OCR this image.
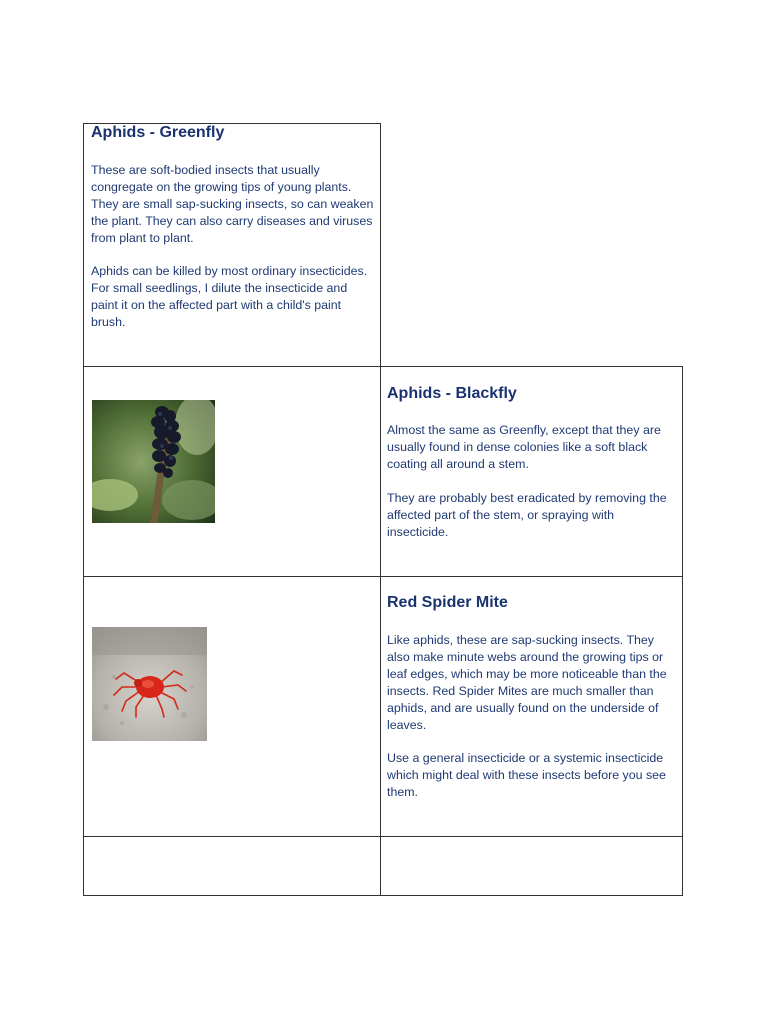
Aphids - Greenfly

These are soft-bodied insects that usually congregate on the growing tips of young plants. They are small sap-sucking insects, so can weaken the plant. They can also carry diseases and viruses from plant to plant.

Aphids can be killed by most ordinary insecticides. For small seedlings, I dilute the insecticide and paint it on the affected part with a child's paint brush.

Aphids - Blackfly

Almost the same as Greenfly, except that they are usually found in dense colonies like a soft black coating all around a stem.

They are probably best eradicated by removing the affected part of the stem, or spraying with insecticide.

Red Spider Mite

Like aphids, these are sap-sucking insects. They also make minute webs around the growing tips or leaf edges, which may be more noticeable than the insects. Red Spider Mites are much smaller than aphids, and are usually found on the underside of leaves.

Use a general insecticide or a systemic insecticide which might deal with these insects before you see them.
